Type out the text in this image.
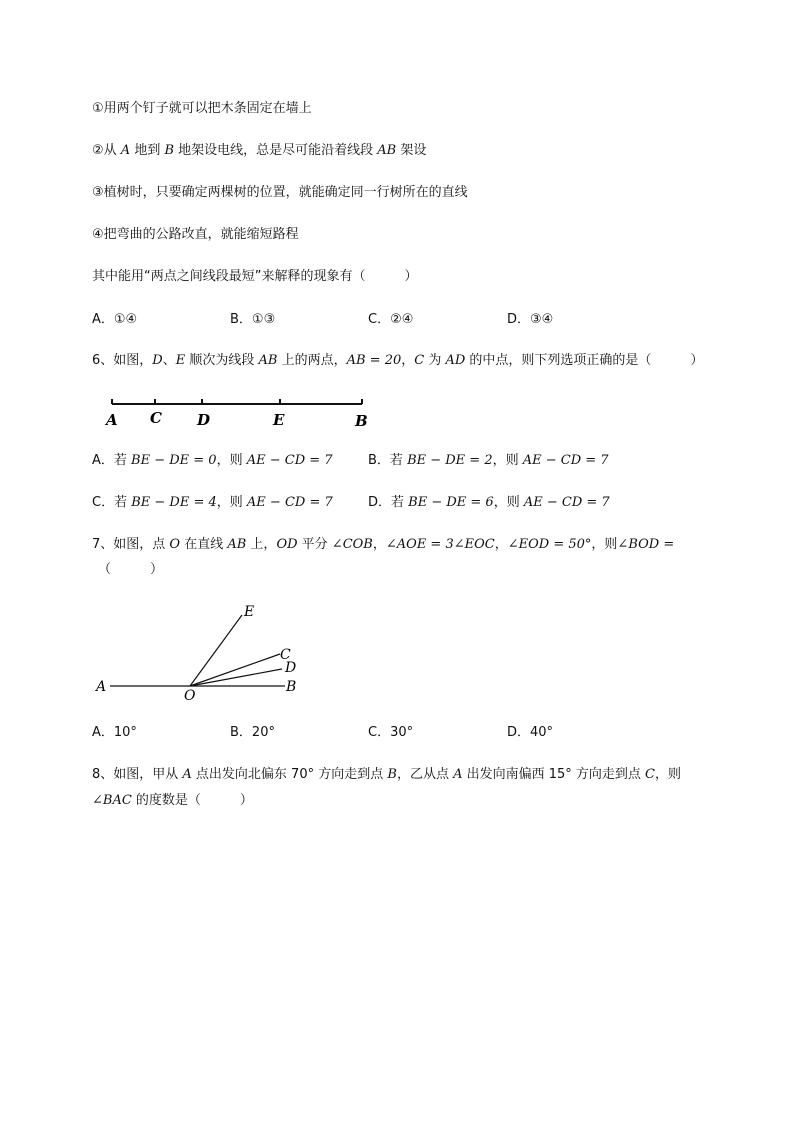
①用两个钉子就可以把木条固定在墙上
②从 A 地到 B 地架设电线，总是尽可能沿着线段 AB 架设
③植树时，只要确定两棵树的位置，就能确定同一行树所在的直线
④把弯曲的公路改直，就能缩短路程
其中能用“两点之间线段最短”来解释的现象有（　　　）
A．①④	B．①③	C．②④	D．③④
6、如图，D、E 顺次为线段 AB 上的两点，AB = 20，C 为 AD 的中点，则下列选项正确的是（　　　）
A C D	E	B
A．若 BE − DE = 0，则 AE − CD = 7	B．若 BE − DE = 2，则 AE − CD = 7
C．若 BE − DE = 4，则 AE − CD = 7	D．若 BE − DE = 6，则 AE − CD = 7
7、如图，点 O 在直线 AB 上，OD 平分 ∠COB，∠AOE = 3∠EOC，∠EOD = 50°，则∠BOD =
（　　　）
E
C
D
A
O
B
A．10°	B．20°	C．30°	D．40°
8、如图，甲从 A 点出发向北偏东 70° 方向走到点 B，乙从点 A 出发向南偏西 15° 方向走到点 C，则
∠BAC 的度数是（　　　）
